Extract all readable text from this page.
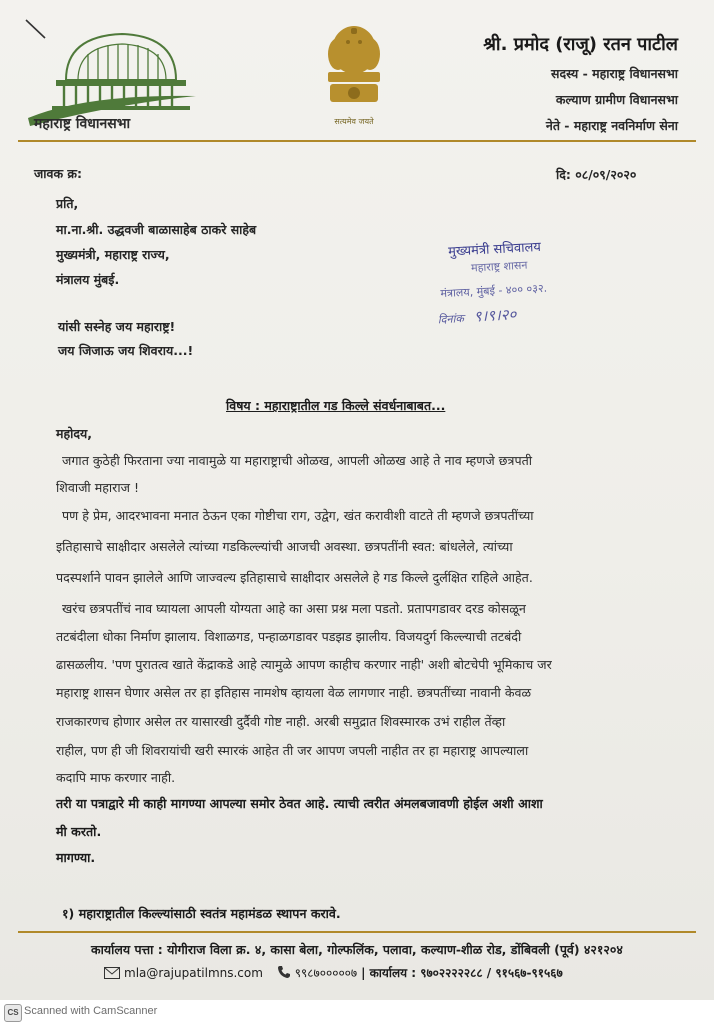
महाराष्ट्र विधानसभा	सत्यमेव जयते
श्री. प्रमोद (राजू) रतन पाटील
सदस्य - महाराष्ट्र विधानसभा
कल्याण ग्रामीण विधानसभा
नेते - महाराष्ट्र नवनिर्माण सेना
जावक क्र:	दि: ०८/०९/२०२०
प्रति,
मा.ना.श्री. उद्धवजी बाळासाहेब ठाकरे साहेब
मुख्यमंत्री, महाराष्ट्र राज्य,
मंत्रालय मुंबई.
मुख्यमंत्री सचिवालय
महाराष्ट्र शासन
मंत्रालय, मुंबई - ४०० ०३२.
दिनांक ९।९।२०
यांसी सस्नेह जय महाराष्ट्र!
जय जिजाऊ जय शिवराय...!
विषय : महाराष्ट्रातील गड किल्ले संवर्धनाबाबत...
महोदय,
जगात कुठेही फिरताना ज्या नावामुळे या महाराष्ट्राची ओळख, आपली ओळख आहे ते नाव म्हणजे छत्रपती
शिवाजी महाराज !
पण हे प्रेम, आदरभावना मनात ठेऊन एका गोष्टीचा राग, उद्वेग, खंत करावीशी वाटते ती म्हणजे छत्रपतींच्या
इतिहासाचे साक्षीदार असलेले त्यांच्या गडकिल्ल्यांची आजची अवस्था. छत्रपतींनी स्वत: बांधलेले, त्यांच्या
पदस्पर्शाने पावन झालेले आणि जाज्वल्य इतिहासाचे साक्षीदार असलेले हे गड किल्ले दुर्लक्षित राहिले आहेत.
खरंच छत्रपतींचं नाव घ्यायला आपली योग्यता आहे का असा प्रश्न मला पडतो. प्रतापगडावर दरड कोसळून
तटबंदीला धोका निर्माण झालाय. विशाळगड, पन्हाळगडावर पडझड झालीय. विजयदुर्ग किल्ल्याची तटबंदी
ढासळलीय. 'पण पुरातत्व खाते केंद्राकडे आहे त्यामुळे आपण काहीच करणार नाही' अशी बोटचेपी भूमिकाच जर
महाराष्ट्र शासन घेणार असेल तर हा इतिहास नामशेष व्हायला वेळ लागणार नाही. छत्रपतींच्या नावानी केवळ
राजकारणच होणार असेल तर यासारखी दुर्दैवी गोष्ट नाही. अरबी समुद्रात शिवस्मारक उभं राहील तेंव्हा
राहील, पण ही जी शिवरायांची खरी स्मारकं आहेत ती जर आपण जपली नाहीत तर हा महाराष्ट्र आपल्याला
कदापि माफ करणार नाही.
तरी या पत्राद्वारे मी काही मागण्या आपल्या समोर ठेवत आहे. त्याची त्वरीत अंमलबजावणी होईल अशी आशा
मी करतो.
मागण्या.
१) महाराष्ट्रातील किल्ल्यांसाठी स्वतंत्र महामंडळ स्थापन करावे.
कार्यालय पत्ता : योगीराज विला क्र. ४, कासा बेला, गोल्फलिंक, पलावा, कल्याण-शीळ रोड, डोंबिवली (पूर्व) ४२१२०४
mla@rajupatilmns.com	९९८७०००००७ | कार्यालय : ९७०२२२२२८८ / ९१५६७-९१५६७
CS Scanned with CamScanner
